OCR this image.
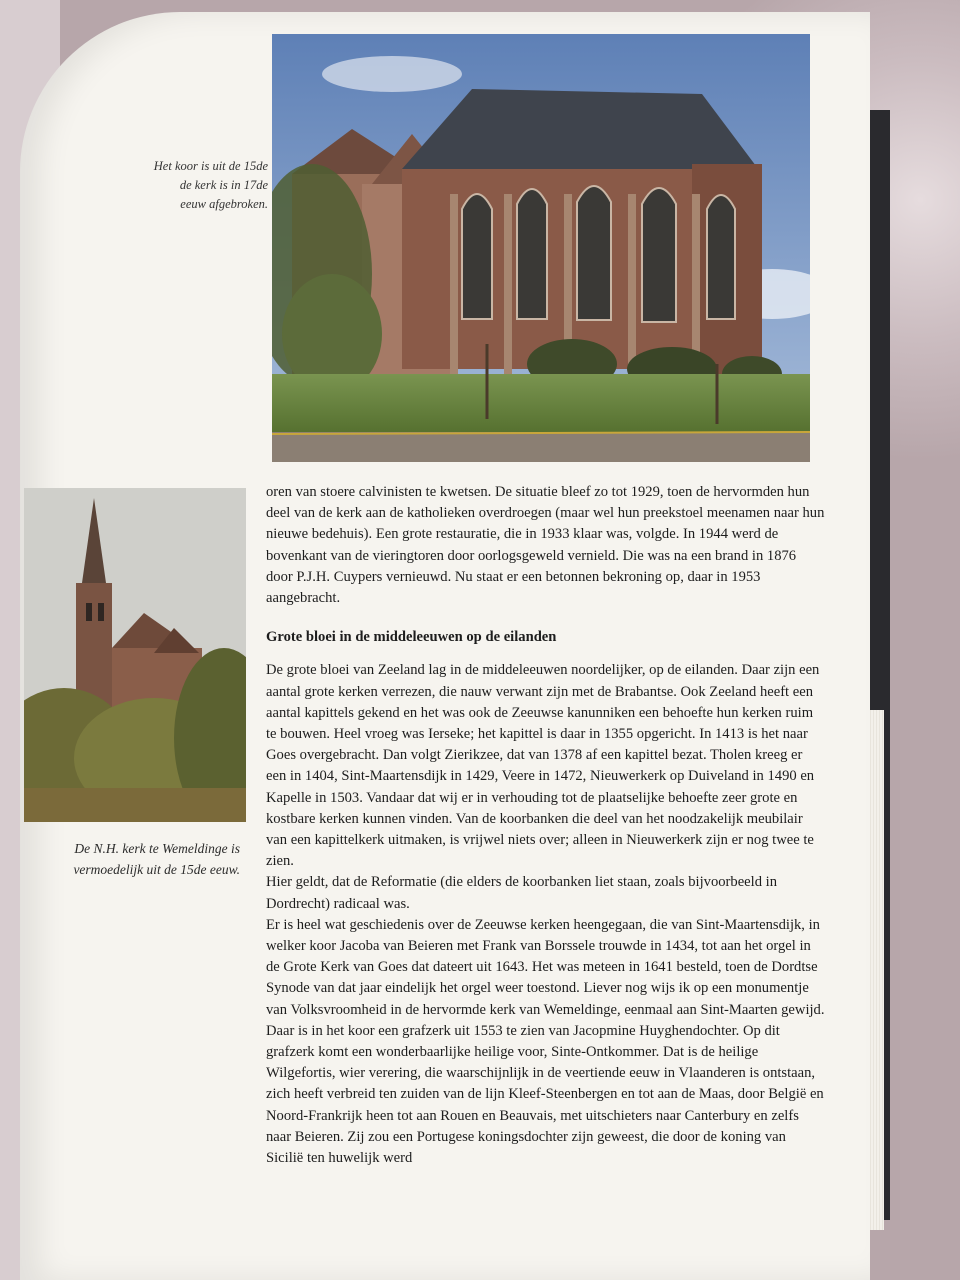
Het koor is uit de 15de
de kerk is in 17de
eeuw afgebroken.
De N.H. kerk te Wemeldinge is
vermoedelijk uit de 15de eeuw.

oren van stoere calvinisten te kwetsen. De situatie bleef zo tot 1929, toen de hervormden hun deel van de kerk aan de katholieken overdroegen (maar wel hun preekstoel meenamen naar hun nieuwe bedehuis). Een grote restauratie, die in 1933 klaar was, volgde. In 1944 werd de bovenkant van de vieringtoren door oorlogsgeweld vernield. Die was na een brand in 1876 door P.J.H. Cuypers vernieuwd. Nu staat er een betonnen bekroning op, daar in 1953 aangebracht.

Grote bloei in de middeleeuwen op de eilanden

De grote bloei van Zeeland lag in de middeleeuwen noordelijker, op de eilanden. Daar zijn een aantal grote kerken verrezen, die nauw verwant zijn met de Brabantse. Ook Zeeland heeft een aantal kapittels gekend en het was ook de Zeeuwse kanunniken een behoefte hun kerken ruim te bouwen. Heel vroeg was Ierseke; het kapittel is daar in 1355 opgericht. In 1413 is het naar Goes overgebracht. Dan volgt Zierikzee, dat van 1378 af een kapittel bezat. Tholen kreeg er een in 1404, Sint-Maartensdijk in 1429, Veere in 1472, Nieuwerkerk op Duiveland in 1490 en Kapelle in 1503. Vandaar dat wij er in verhouding tot de plaatselijke behoefte zeer grote en kostbare kerken kunnen vinden. Van de koorbanken die deel van het noodzakelijk meubilair van een kapittelkerk uitmaken, is vrijwel niets over; alleen in Nieuwerkerk zijn er nog twee te zien.

Hier geldt, dat de Reformatie (die elders de koorbanken liet staan, zoals bijvoorbeeld in Dordrecht) radicaal was.

Er is heel wat geschiedenis over de Zeeuwse kerken heengegaan, die van Sint-Maartensdijk, in welker koor Jacoba van Beieren met Frank van Borssele trouwde in 1434, tot aan het orgel in de Grote Kerk van Goes dat dateert uit 1643. Het was meteen in 1641 besteld, toen de Dordtse Synode van dat jaar eindelijk het orgel weer toestond. Liever nog wijs ik op een monumentje van Volksvroomheid in de hervormde kerk van Wemeldinge, eenmaal aan Sint-Maarten gewijd. Daar is in het koor een grafzerk uit 1553 te zien van Jacopmine Huyghendochter. Op dit grafzerk komt een wonderbaarlijke heilige voor, Sinte-Ontkommer. Dat is de heilige Wilgefortis, wier verering, die waarschijnlijk in de veertiende eeuw in Vlaanderen is ontstaan, zich heeft verbreid ten zuiden van de lijn Kleef-Steenbergen en tot aan de Maas, door België en Noord-Frankrijk heen tot aan Rouen en Beauvais, met uitschieters naar Canterbury en zelfs naar Beieren. Zij zou een Portugese koningsdochter zijn geweest, die door de koning van Sicilië ten huwelijk werd
